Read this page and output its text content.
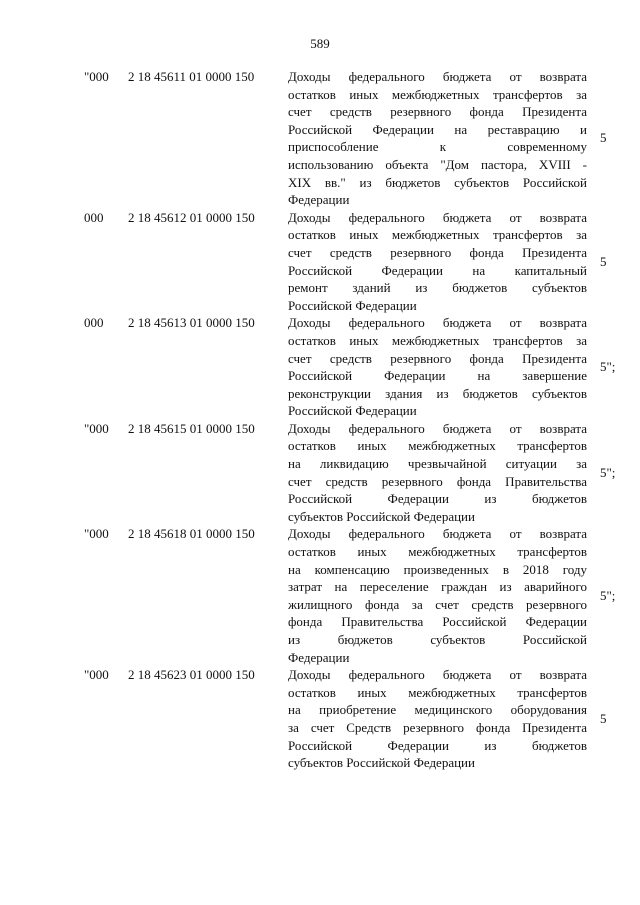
589
"000 2 18 45611 01 0000 150	Доходы федерального бюджета от возврата
остатков иных межбюджетных трансфертов за
счет средств резервного фонда Президента
Российской Федерации на реставрацию и
приспособление к современному
использованию объекта "Дом пастора, XVIII -
XIX вв." из бюджетов субъектов Российской
Федерации
5
000 2 18 45612 01 0000 150	Доходы федерального бюджета от возврата
остатков иных межбюджетных трансфертов за
счет средств резервного фонда Президента
Российской Федерации на капитальный
ремонт зданий из бюджетов субъектов
Российской Федерации
5
000 2 18 45613 01 0000 150	Доходы федерального бюджета от возврата
остатков иных межбюджетных трансфертов за
счет средств резервного фонда Президента
Российской Федерации на завершение
реконструкции здания из бюджетов субъектов
Российской Федерации
5";
"000 2 18 45615 01 0000 150	Доходы федерального бюджета от возврата
остатков иных межбюджетных трансфертов
на ликвидацию чрезвычайной ситуации за
счет средств резервного фонда Правительства
Российской Федерации из бюджетов
субъектов Российской Федерации
5";
"000 2 18 45618 01 0000 150	Доходы федерального бюджета от возврата
остатков иных межбюджетных трансфертов
на компенсацию произведенных в 2018 году
затрат на переселение граждан из аварийного
жилищного фонда за счет средств резервного
фонда Правительства Российской Федерации
из бюджетов субъектов Российской
Федерации
5";
"000 2 18 45623 01 0000 150	Доходы федерального бюджета от возврата
остатков иных межбюджетных трансфертов
на приобретение медицинского оборудования
за счет Средств резервного фонда Президента
Российской Федерации из бюджетов
субъектов Российской Федерации
5
